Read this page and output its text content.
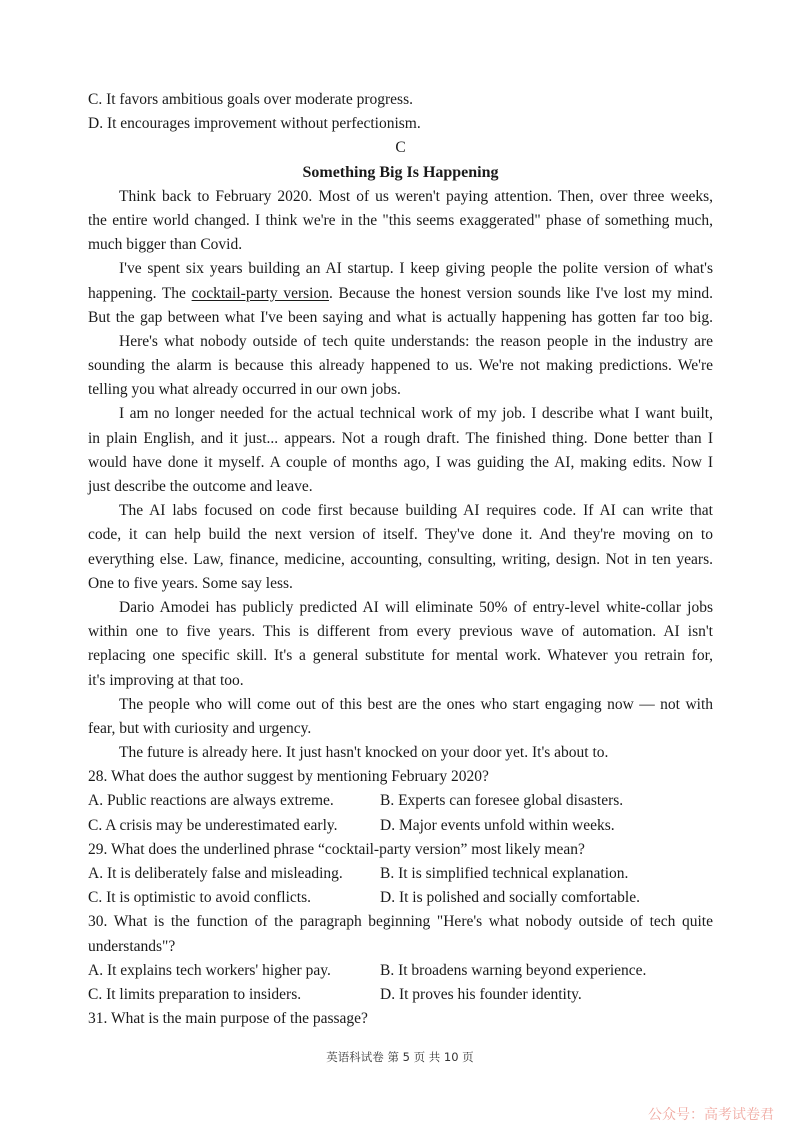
C. It favors ambitious goals over moderate progress.
D. It encourages improvement without perfectionism.
C
Something Big Is Happening
Think back to February 2020. Most of us weren't paying attention. Then, over three weeks,
the entire world changed. I think we're in the "this seems exaggerated" phase of something much,
much bigger than Covid.
I've spent six years building an AI startup. I keep giving people the polite version of what's
happening. The cocktail-party version. Because the honest version sounds like I've lost my mind.
But the gap between what I've been saying and what is actually happening has gotten far too big.
Here's what nobody outside of tech quite understands: the reason people in the industry are
sounding the alarm is because this already happened to us. We're not making predictions. We're
telling you what already occurred in our own jobs.
I am no longer needed for the actual technical work of my job. I describe what I want built,
in plain English, and it just... appears. Not a rough draft. The finished thing. Done better than I
would have done it myself. A couple of months ago, I was guiding the AI, making edits. Now I
just describe the outcome and leave.
The AI labs focused on code first because building AI requires code. If AI can write that
code, it can help build the next version of itself. They've done it. And they're moving on to
everything else. Law, finance, medicine, accounting, consulting, writing, design. Not in ten years.
One to five years. Some say less.
Dario Amodei has publicly predicted AI will eliminate 50% of entry-level white-collar jobs
within one to five years. This is different from every previous wave of automation. AI isn't
replacing one specific skill. It's a general substitute for mental work. Whatever you retrain for,
it's improving at that too.
The people who will come out of this best are the ones who start engaging now — not with
fear, but with curiosity and urgency.
The future is already here. It just hasn't knocked on your door yet. It's about to.
28. What does the author suggest by mentioning February 2020?
A. Public reactions are always extreme.	B. Experts can foresee global disasters.
C. A crisis may be underestimated early.	D. Major events unfold within weeks.
29. What does the underlined phrase “cocktail-party version” most likely mean?
A. It is deliberately false and misleading.	B. It is simplified technical explanation.
C. It is optimistic to avoid conflicts.	D. It is polished and socially comfortable.
30. What is the function of the paragraph beginning "Here's what nobody outside of tech quite
understands"?
A. It explains tech workers' higher pay.	B. It broadens warning beyond experience.
C. It limits preparation to insiders.	D. It proves his founder identity.
31. What is the main purpose of the passage?
英语科试卷 第 5 页 共 10 页
公众号：高考试卷君
